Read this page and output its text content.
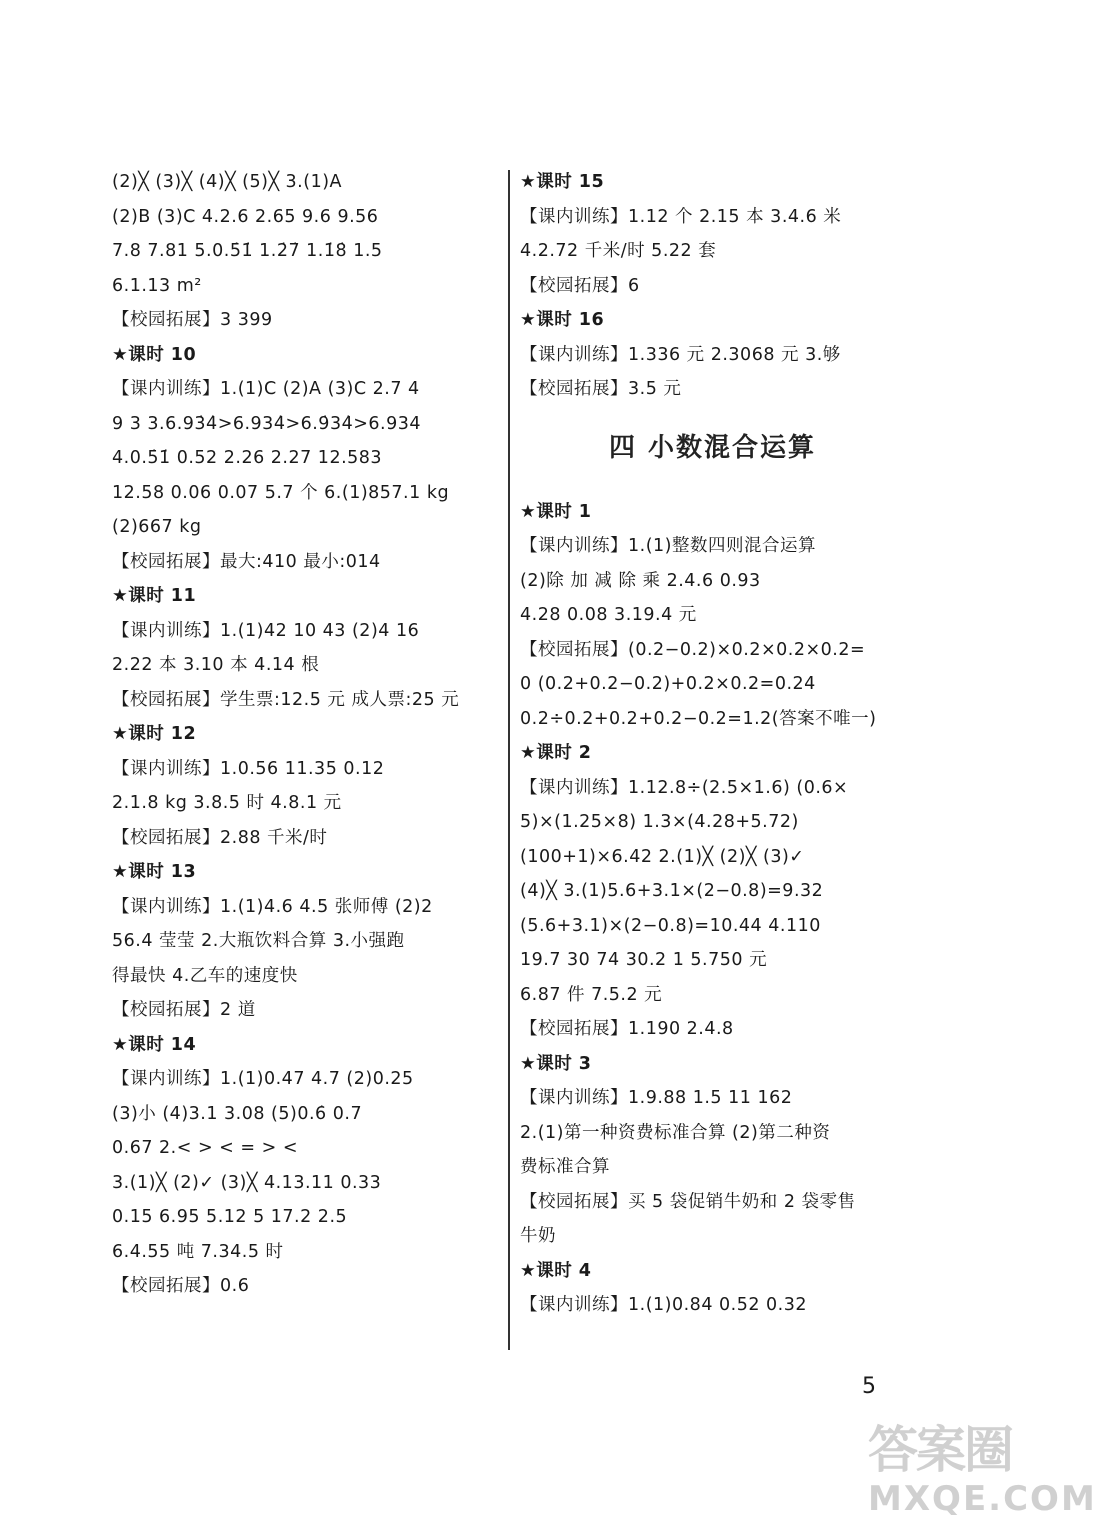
(2)╳ (3)╳ (4)╳ (5)╳ 3.(1)A
(2)B (3)C 4.2.6 2.65 9.6 9.56
7.8 7.81 5.0.5̇1̇ 1.2̇7̇ 1.1̇8̇ 1.5
6.1.13 m²
【校园拓展】3 399
★课时 10
【课内训练】1.(1)C (2)A (3)C 2.7 4
9 3 3.6.93̇4̇>6.934̇>6.9̇34̇>6.934
4.0.5̇1̇ 0.52 2.26 2.27 12.583
12.58 0.06 0.07 5.7 个 6.(1)857.1 kg
(2)667 kg
【校园拓展】最大:410 最小:014
★课时 11
【课内训练】1.(1)42 10 43 (2)4 16
2.22 本 3.10 本 4.14 根
【校园拓展】学生票:12.5 元 成人票:25 元
★课时 12
【课内训练】1.0.56 11.35 0.12
2.1.8 kg 3.8.5 时 4.8.1 元
【校园拓展】2.88 千米/时
★课时 13
【课内训练】1.(1)4.6 4.5 张师傅 (2)2
56.4 莹莹 2.大瓶饮料合算 3.小强跑
得最快 4.乙车的速度快
【校园拓展】2 道
★课时 14
【课内训练】1.(1)0.47 4.7 (2)0.25
(3)小 (4)3.1 3.08 (5)0.6̇ 0.7
0.67 2.< > < = > <
3.(1)╳ (2)✓ (3)╳ 4.13.11 0.33
0.15 6.95 5.12 5 17.2 2.5
6.4.55 吨 7.34.5 时
【校园拓展】0.6
★课时 15
【课内训练】1.12 个 2.15 本 3.4.6 米
4.2.72 千米/时 5.22 套
【校园拓展】6
★课时 16
【课内训练】1.336 元 2.3068 元 3.够
【校园拓展】3.5 元
四 小数混合运算
★课时 1
【课内训练】1.(1)整数四则混合运算
(2)除 加 减 除 乘 2.4.6 0.93
4.28 0.08 3.19.4 元
【校园拓展】(0.2−0.2)×0.2×0.2×0.2=
0 (0.2+0.2−0.2)+0.2×0.2=0.24
0.2÷0.2+0.2+0.2−0.2=1.2(答案不唯一)
★课时 2
【课内训练】1.12.8÷(2.5×1.6) (0.6×
5)×(1.25×8) 1.3×(4.28+5.72)
(100+1)×6.42 2.(1)╳ (2)╳ (3)✓
(4)╳ 3.(1)5.6+3.1×(2−0.8)=9.32
(5.6+3.1)×(2−0.8)=10.44 4.110
19.7 30 74 30.2 1 5.750 元
6.87 件 7.5.2 元
【校园拓展】1.190 2.4.8
★课时 3
【课内训练】1.9.88 1.5 11 162
2.(1)第一种资费标准合算 (2)第二种资
费标准合算
【校园拓展】买 5 袋促销牛奶和 2 袋零售
牛奶
★课时 4
【课内训练】1.(1)0.84 0.52 0.32
5
答案圈
MXQE.COM
